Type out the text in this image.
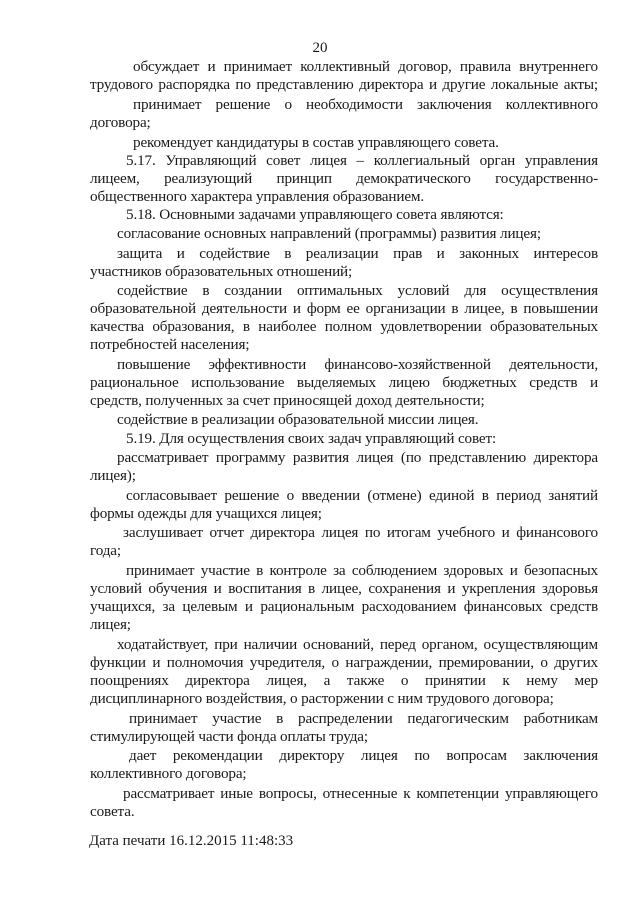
20
обсуждает и принимает коллективный договор, правила внутреннего
трудового распорядка по представлению директора и другие локальные акты;
принимает решение о необходимости заключения коллективного
договора;
рекомендует кандидатуры в состав управляющего совета.
5.17. Управляющий совет лицея – коллегиальный орган управления
лицеем, реализующий принцип демократического государственно-
общественного характера управления образованием.
5.18. Основными задачами управляющего совета являются:
согласование основных направлений (программы) развития лицея;
защита и содействие в реализации прав и законных интересов
участников образовательных отношений;
содействие в создании оптимальных условий для осуществления
образовательной деятельности и форм ее организации в лицее, в повышении
качества образования, в наиболее полном удовлетворении образовательных
потребностей населения;
повышение эффективности финансово-хозяйственной деятельности,
рациональное использование выделяемых лицею бюджетных средств и
средств, полученных за счет приносящей доход деятельности;
содействие в реализации образовательной миссии лицея.
5.19. Для осуществления своих задач управляющий совет:
рассматривает программу развития лицея (по представлению директора
лицея);
согласовывает решение о введении (отмене) единой в период занятий
формы одежды для учащихся лицея;
заслушивает отчет директора лицея по итогам учебного и финансового
года;
принимает участие в контроле за соблюдением здоровых и безопасных
условий обучения и воспитания в лицее, сохранения и укрепления здоровья
учащихся, за целевым и рациональным расходованием финансовых средств
лицея;
ходатайствует, при наличии оснований, перед органом, осуществляющим
функции и полномочия учредителя, о награждении, премировании, о других
поощрениях директора лицея, а также о принятии к нему мер
дисциплинарного воздействия, о расторжении с ним трудового договора;
принимает участие в распределении педагогическим работникам
стимулирующей части фонда оплаты труда;
дает рекомендации директору лицея по вопросам заключения
коллективного договора;
рассматривает иные вопросы, отнесенные к компетенции управляющего
совета.
Дата печати 16.12.2015 11:48:33
